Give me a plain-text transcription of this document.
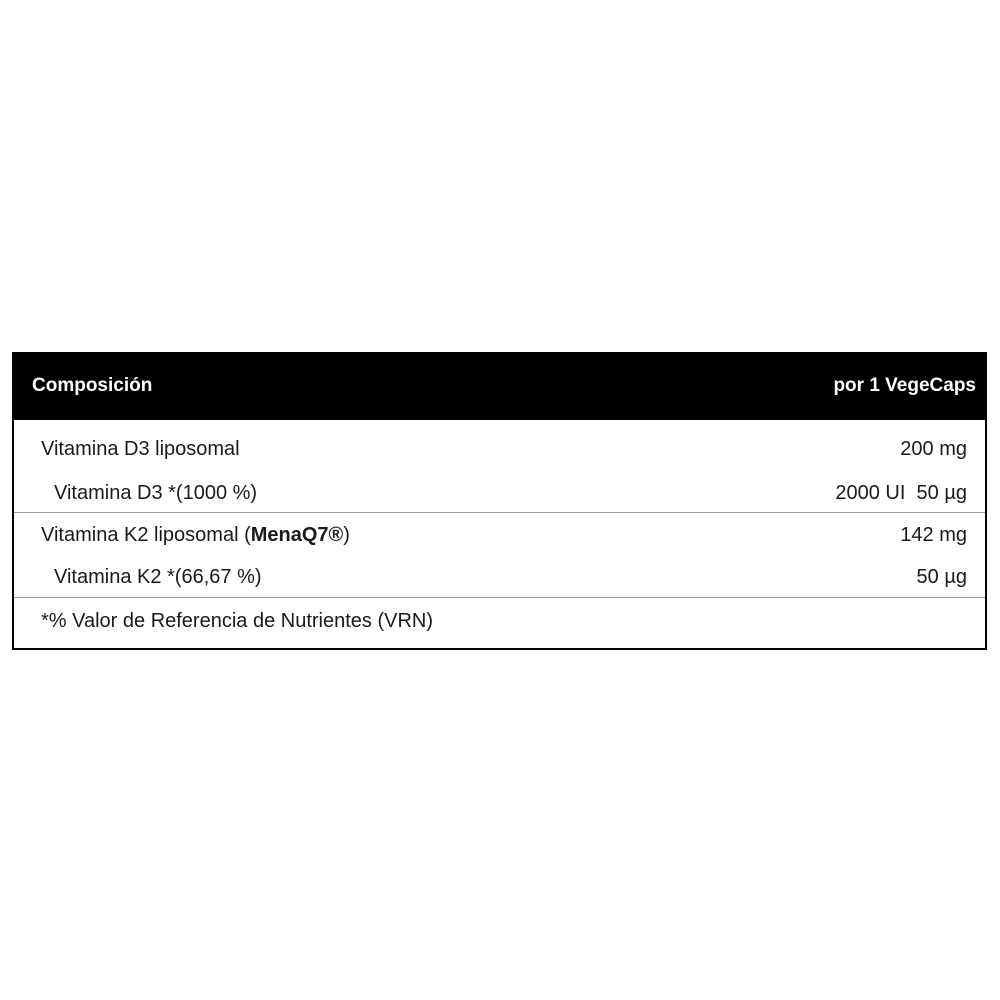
Composición	por 1 VegeCaps
Vitamina D3 liposomal	200 mg
Vitamina D3 *(1000 %)	2000 UI  50 µg
Vitamina K2 liposomal (MenaQ7®)	142 mg
Vitamina K2 *(66,67 %)	50 µg
*% Valor de Referencia de Nutrientes (VRN)
